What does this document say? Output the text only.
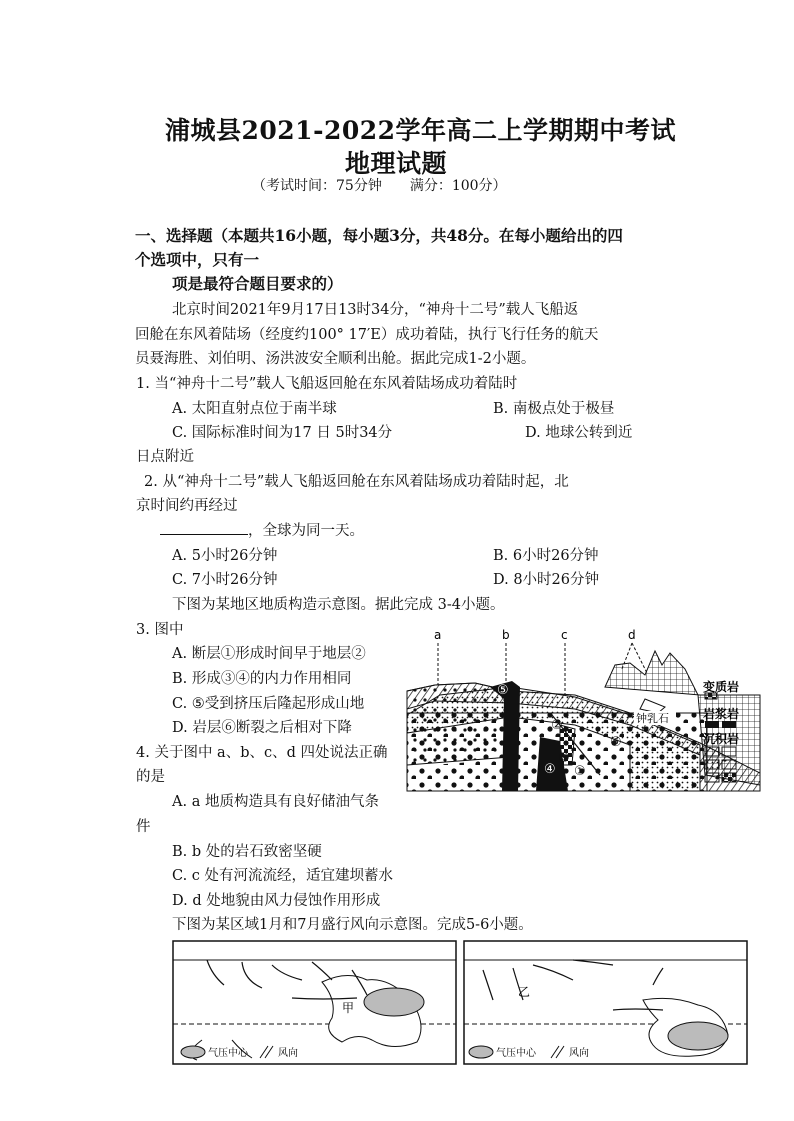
浦城县2021-2022学年高二上学期期中考试
地理试题
（考试时间：75分钟　　满分：100分）
一、选择题（本题共16小题，每小题3分，共48分。在每小题给出的四
个选项中，只有一
项是最符合题目要求的）
北京时间2021年9月17日13时34分，“神舟十二号”载人飞船返
回舱在东风着陆场（经度约100° 17′E）成功着陆，执行飞行任务的航天
员聂海胜、刘伯明、汤洪波安全顺利出舱。据此完成1-2小题。
1. 当“神舟十二号”载人飞船返回舱在东风着陆场成功着陆时
A. 太阳直射点位于南半球	B. 南极点处于极昼
C. 国际标准时间为17 日 5时34分	D. 地球公转到近
日点附近
2. 从“神舟十二号”载人飞船返回舱在东风着陆场成功着陆时起，北
京时间约再经过
，全球为同一天。
A. 5小时26分钟	B. 6小时26分钟
C. 7小时26分钟	D. 8小时26分钟
下图为某地区地质构造示意图。据此完成 3-4小题。
3. 图中
A. 断层①形成时间早于地层②
B. 形成③④的内力作用相同
C. ⑤受到挤压后隆起形成山地
D. 岩层⑥断裂之后相对下降
4. 关于图中 a、b、c、d 四处说法正确
的是
A. a 地质构造具有良好储油气条
件
B. b 处的岩石致密坚硬
C. c 处有河流流经，适宜建坝蓄水
D. d 处地貌由风力侵蚀作用形成
下图为某区域1月和7月盛行风向示意图。完成5-6小题。
a	b	c	d
①
②
③
④
⑤
⑥
钟乳石
变质岩
岩浆岩
沉积岩
甲
气压中心	风向
乙
气压中心	风向
